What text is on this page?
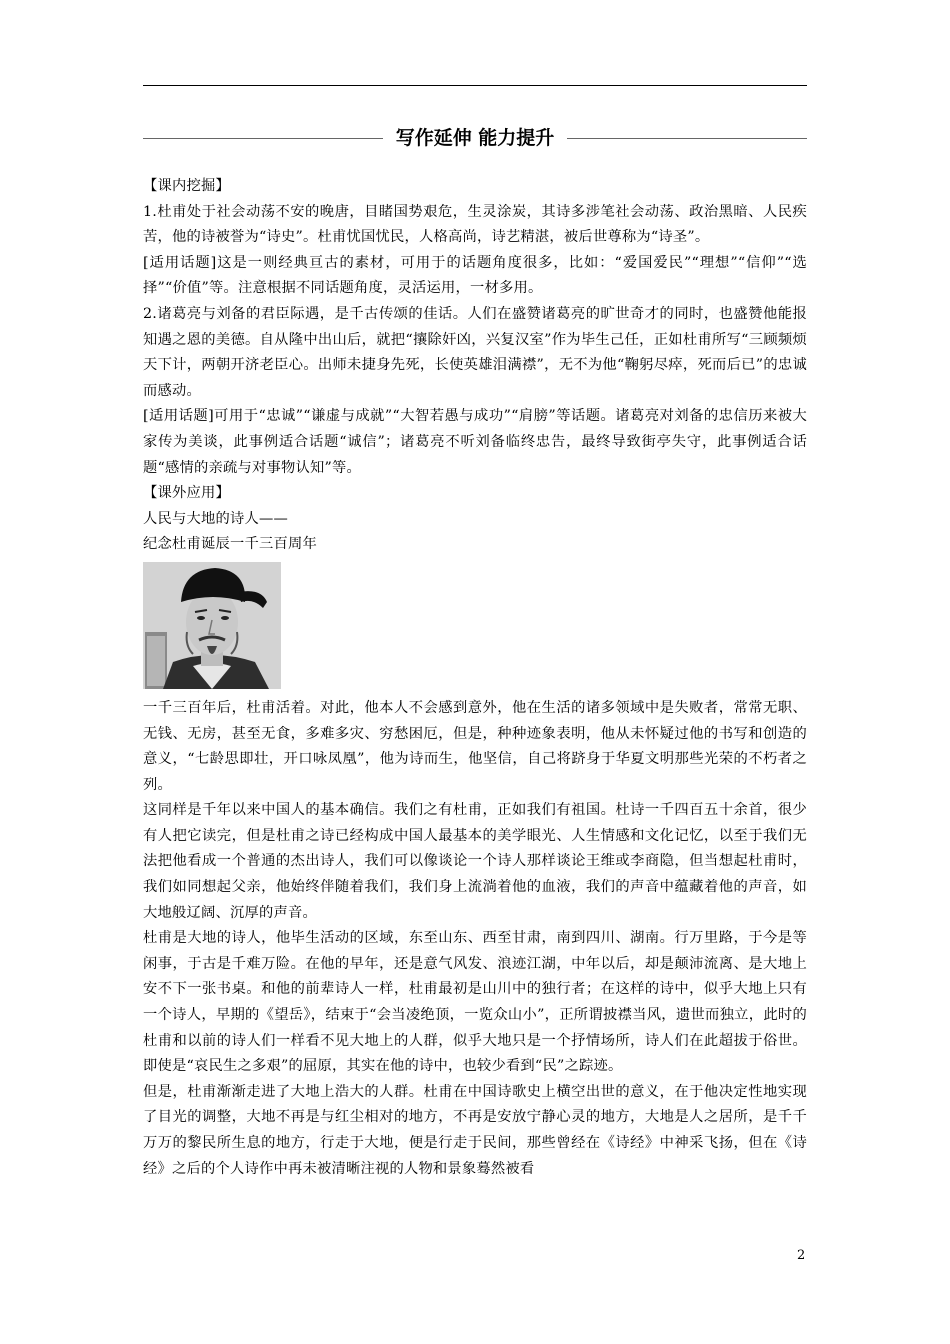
写作延伸 能力提升

【课内挖掘】

1.杜甫处于社会动荡不安的晚唐，目睹国势艰危，生灵涂炭，其诗多涉笔社会动荡、政治黑暗、人民疾苦，他的诗被誉为“诗史”。杜甫忧国忧民，人格高尚，诗艺精湛，被后世尊称为“诗圣”。

[适用话题]这是一则经典亘古的素材，可用于的话题角度很多，比如：“爱国爱民”“理想”“信仰”“选择”“价值”等。注意根据不同话题角度，灵活运用，一材多用。

2.诸葛亮与刘备的君臣际遇，是千古传颂的佳话。人们在盛赞诸葛亮的旷世奇才的同时，也盛赞他能报知遇之恩的美德。自从隆中出山后，就把“攘除奸凶，兴复汉室”作为毕生己任，正如杜甫所写“三顾频烦天下计，两朝开济老臣心。出师未捷身先死，长使英雄泪满襟”，无不为他“鞠躬尽瘁，死而后已”的忠诚而感动。

[适用话题]可用于“忠诚”“谦虚与成就”“大智若愚与成功”“肩膀”等话题。诸葛亮对刘备的忠信历来被大家传为美谈，此事例适合话题“诚信”；诸葛亮不听刘备临终忠告，最终导致街亭失守，此事例适合话题“感情的亲疏与对事物认知”等。

【课外应用】

人民与大地的诗人——

纪念杜甫诞辰一千三百周年

一千三百年后，杜甫活着。对此，他本人不会感到意外，他在生活的诸多领域中是失败者，常常无职、无钱、无房，甚至无食，多难多灾、穷愁困厄，但是，种种迹象表明，他从未怀疑过他的书写和创造的意义，“七龄思即壮，开口咏凤凰”，他为诗而生，他坚信，自己将跻身于华夏文明那些光荣的不朽者之列。

这同样是千年以来中国人的基本确信。我们之有杜甫，正如我们有祖国。杜诗一千四百五十余首，很少有人把它读完，但是杜甫之诗已经构成中国人最基本的美学眼光、人生情感和文化记忆，以至于我们无法把他看成一个普通的杰出诗人，我们可以像谈论一个诗人那样谈论王维或李商隐，但当想起杜甫时，我们如同想起父亲，他始终伴随着我们，我们身上流淌着他的血液，我们的声音中蕴藏着他的声音，如大地般辽阔、沉厚的声音。

杜甫是大地的诗人，他毕生活动的区域，东至山东、西至甘肃，南到四川、湖南。行万里路，于今是等闲事，于古是千难万险。在他的早年，还是意气风发、浪迹江湖，中年以后，却是颠沛流离、是大地上安不下一张书桌。和他的前辈诗人一样，杜甫最初是山川中的独行者；在这样的诗中，似乎大地上只有一个诗人，早期的《望岳》，结束于“会当凌绝顶，一览众山小”，正所谓披襟当风，遗世而独立，此时的杜甫和以前的诗人们一样看不见大地上的人群，似乎大地只是一个抒情场所，诗人们在此超拔于俗世。即使是“哀民生之多艰”的屈原，其实在他的诗中，也较少看到“民”之踪迹。

但是，杜甫渐渐走进了大地上浩大的人群。杜甫在中国诗歌史上横空出世的意义，在于他决定性地实现了目光的调整，大地不再是与红尘相对的地方，不再是安放宁静心灵的地方，大地是人之居所，是千千万万的黎民所生息的地方，行走于大地，便是行走于民间，那些曾经在《诗经》中神采飞扬，但在《诗经》之后的个人诗作中再未被清晰注视的人物和景象蓦然被看

2
